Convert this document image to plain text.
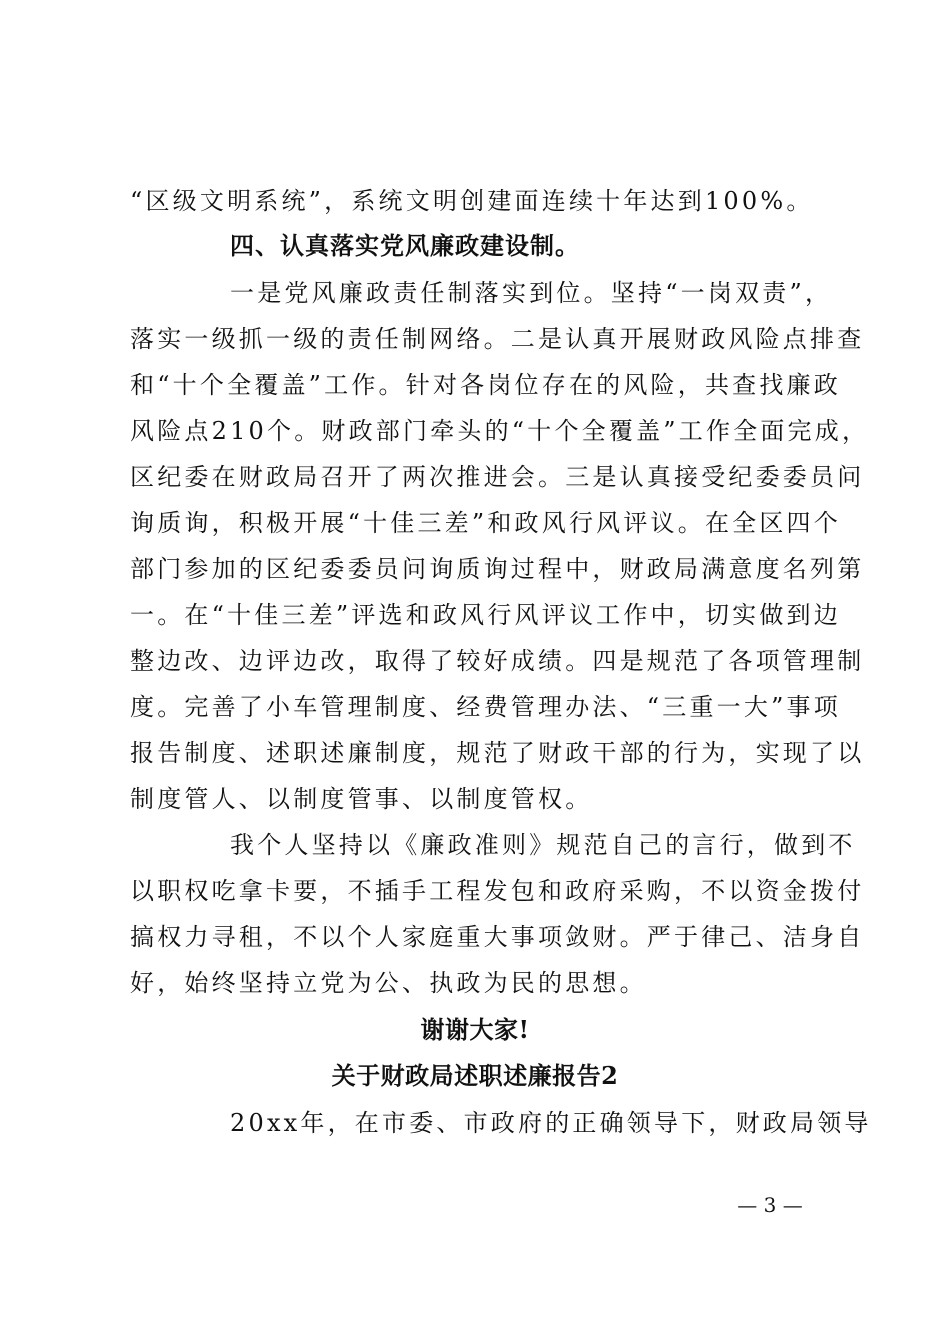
“区级文明系统”，系统文明创建面连续十年达到100%。
四、认真落实党风廉政建设制。
一是党风廉政责任制落实到位。坚持“一岗双责”，
落实一级抓一级的责任制网络。二是认真开展财政风险点排查
和“十个全覆盖”工作。针对各岗位存在的风险，共查找廉政
风险点210个。财政部门牵头的“十个全覆盖”工作全面完成，
区纪委在财政局召开了两次推进会。三是认真接受纪委委员问
询质询，积极开展“十佳三差”和政风行风评议。在全区四个
部门参加的区纪委委员问询质询过程中，财政局满意度名列第
一。在“十佳三差”评选和政风行风评议工作中，切实做到边
整边改、边评边改，取得了较好成绩。四是规范了各项管理制
度。完善了小车管理制度、经费管理办法、“三重一大”事项
报告制度、述职述廉制度，规范了财政干部的行为，实现了以
制度管人、以制度管事、以制度管权。
我个人坚持以《廉政准则》规范自己的言行，做到不
以职权吃拿卡要，不插手工程发包和政府采购，不以资金拨付
搞权力寻租，不以个人家庭重大事项敛财。严于律己、洁身自
好，始终坚持立党为公、执政为民的思想。
谢谢大家!
关于财政局述职述廉报告2
20xx年，在市委、市政府的正确领导下，财政局领导
— 3 —
